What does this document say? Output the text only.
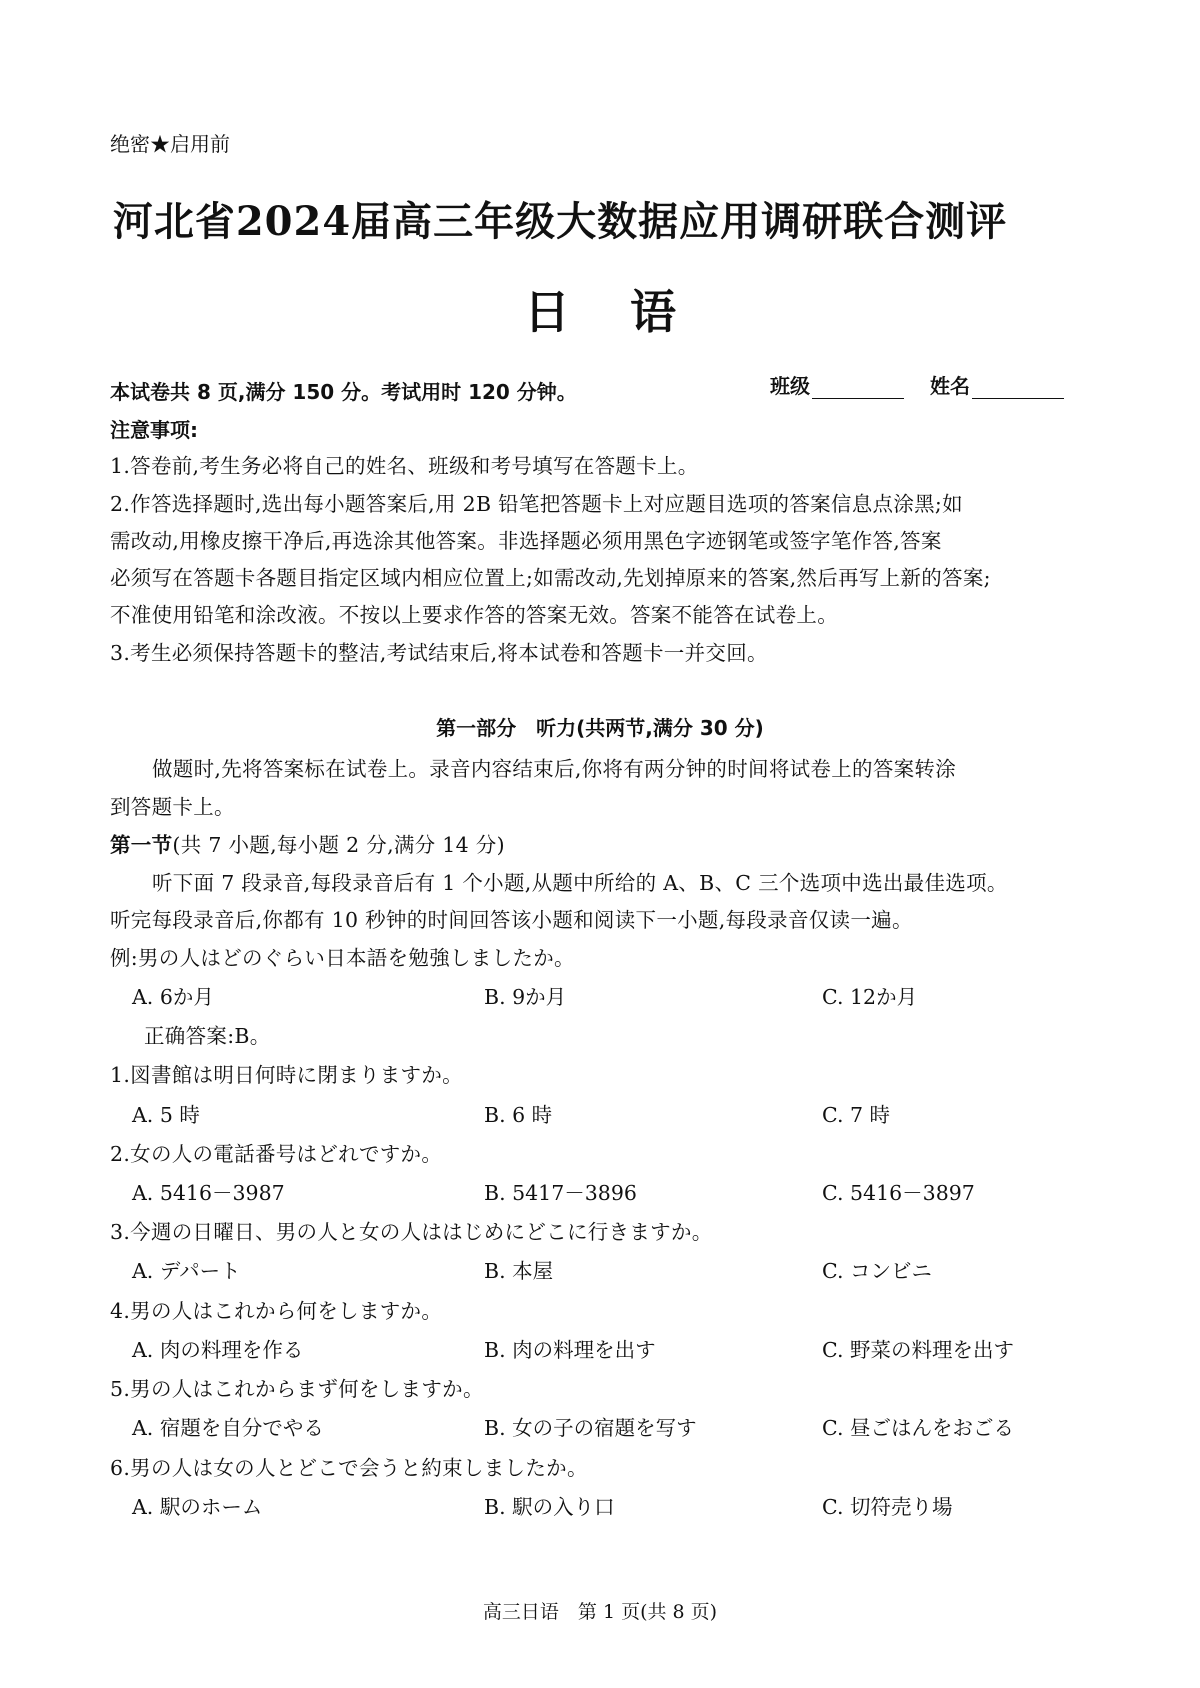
绝密★启用前
河北省2024届高三年级大数据应用调研联合测评
日 语
班级	姓名
本试卷共 8 页,满分 150 分。考试用时 120 分钟。
注意事项:
1.答卷前,考生务必将自己的姓名、班级和考号填写在答题卡上。
2.作答选择题时,选出每小题答案后,用 2B 铅笔把答题卡上对应题目选项的答案信息点涂黑;如
需改动,用橡皮擦干净后,再选涂其他答案。非选择题必须用黑色字迹钢笔或签字笔作答,答案
必须写在答题卡各题目指定区域内相应位置上;如需改动,先划掉原来的答案,然后再写上新的答案;
不准使用铅笔和涂改液。不按以上要求作答的答案无效。答案不能答在试卷上。
3.考生必须保持答题卡的整洁,考试结束后,将本试卷和答题卡一并交回。
第一部分　听力(共两节,满分 30 分)
做题时,先将答案标在试卷上。录音内容结束后,你将有两分钟的时间将试卷上的答案转涂
到答题卡上。
第一节(共 7 小题,每小题 2 分,满分 14 分)
听下面 7 段录音,每段录音后有 1 个小题,从题中所给的 A、B、C 三个选项中选出最佳选项。
听完每段录音后,你都有 10 秒钟的时间回答该小题和阅读下一小题,每段录音仅读一遍。
例:男の人はどのぐらい日本語を勉強しましたか。
A. 6か月	B. 9か月	C. 12か月
正确答案:B。
1.図書館は明日何時に閉まりますか。
A. 5 時	B. 6 時	C. 7 時
2.女の人の電話番号はどれですか。
A. 5416－3987	B. 5417－3896	C. 5416－3897
3.今週の日曜日、男の人と女の人ははじめにどこに行きますか。
A. デパート	B. 本屋	C. コンビニ
4.男の人はこれから何をしますか。
A. 肉の料理を作る	B. 肉の料理を出す	C. 野菜の料理を出す
5.男の人はこれからまず何をしますか。
A. 宿題を自分でやる	B. 女の子の宿題を写す	C. 昼ごはんをおごる
6.男の人は女の人とどこで会うと約束しましたか。
A. 駅のホーム	B. 駅の入り口	C. 切符売り場
高三日语　第 1 页(共 8 页)
